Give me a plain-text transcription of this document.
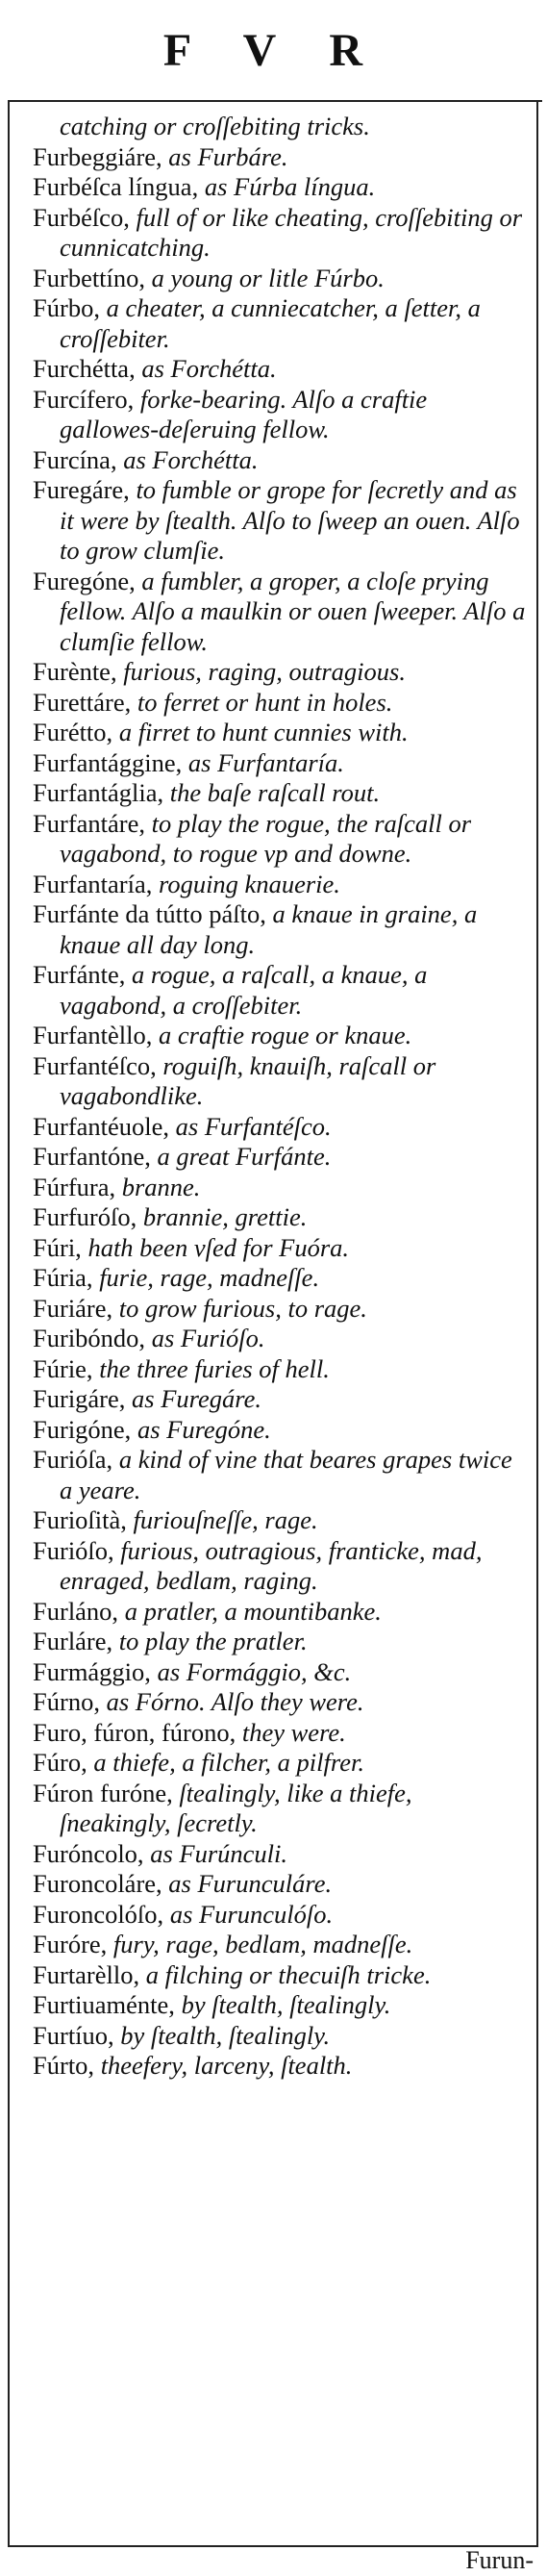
F V R

catching or croſſebiting tricks.

Furbeggiáre, as Furbáre.

Furbéſca língua, as Fúrba língua.

Furbéſco, full of or like cheating, croſſebiting or cunnicatching.

Furbettíno, a young or litle Fúrbo.

Fúrbo, a cheater, a cunniecatcher, a ſetter, a croſſebiter.

Furchétta, as Forchétta.

Furcífero, forke-bearing. Alſo a craftie gallowes-deſeruing fellow.

Furcína, as Forchétta.

Furegáre, to fumble or grope for ſecretly and as it were by ſtealth. Alſo to ſweep an ouen. Alſo to grow clumſie.

Furegóne, a fumbler, a groper, a cloſe prying fellow. Alſo a maulkin or ouen ſweeper. Alſo a clumſie fellow.

Furènte, furious, raging, outragious.

Furettáre, to ferret or hunt in holes.

Furétto, a firret to hunt cunnies with.

Furfantággine, as Furfantaría.

Furfantáglia, the baſe raſcall rout.

Furfantáre, to play the rogue, the raſcall or vagabond, to rogue vp and downe.

Furfantaría, roguing knauerie.

Furfánte da tútto páſto, a knaue in graine, a knaue all day long.

Furfánte, a rogue, a raſcall, a knaue, a vagabond, a croſſebiter.

Furfantèllo, a craftie rogue or knaue.

Furfantéſco, roguiſh, knauiſh, raſcall or vagabondlike.

Furfantéuole, as Furfantéſco.

Furfantóne, a great Furfánte.

Fúrfura, branne.

Furfuróſo, brannie, grettie.

Fúri, hath been vſed for Fuóra.

Fúria, furie, rage, madneſſe.

Furiáre, to grow furious, to rage.

Furibóndo, as Furióſo.

Fúrie, the three furies of hell.

Furigáre, as Furegáre.

Furigóne, as Furegóne.

Furióſa, a kind of vine that beares grapes twice a yeare.

Furioſità, furiouſneſſe, rage.

Furióſo, furious, outragious, franticke, mad, enraged, bedlam, raging.

Furláno, a pratler, a mountibanke.

Furláre, to play the pratler.

Furmággio, as Formággio, &c.

Fúrno, as Fórno. Alſo they were.

Furo, fúron, fúrono, they were.

Fúro, a thiefe, a filcher, a pilfrer.

Fúron furóne, ſtealingly, like a thiefe, ſneakingly, ſecretly.

Furóncolo, as Furúnculi.

Furoncoláre, as Furunculáre.

Furoncolóſo, as Furunculóſo.

Furóre, fury, rage, bedlam, madneſſe.

Furtarèllo, a filching or thecuiſh tricke.

Furtiuaménte, by ſtealth, ſtealingly.

Furtíuo, by ſtealth, ſtealingly.

Fúrto, theefery, larceny, ſtealth.

Furun-
